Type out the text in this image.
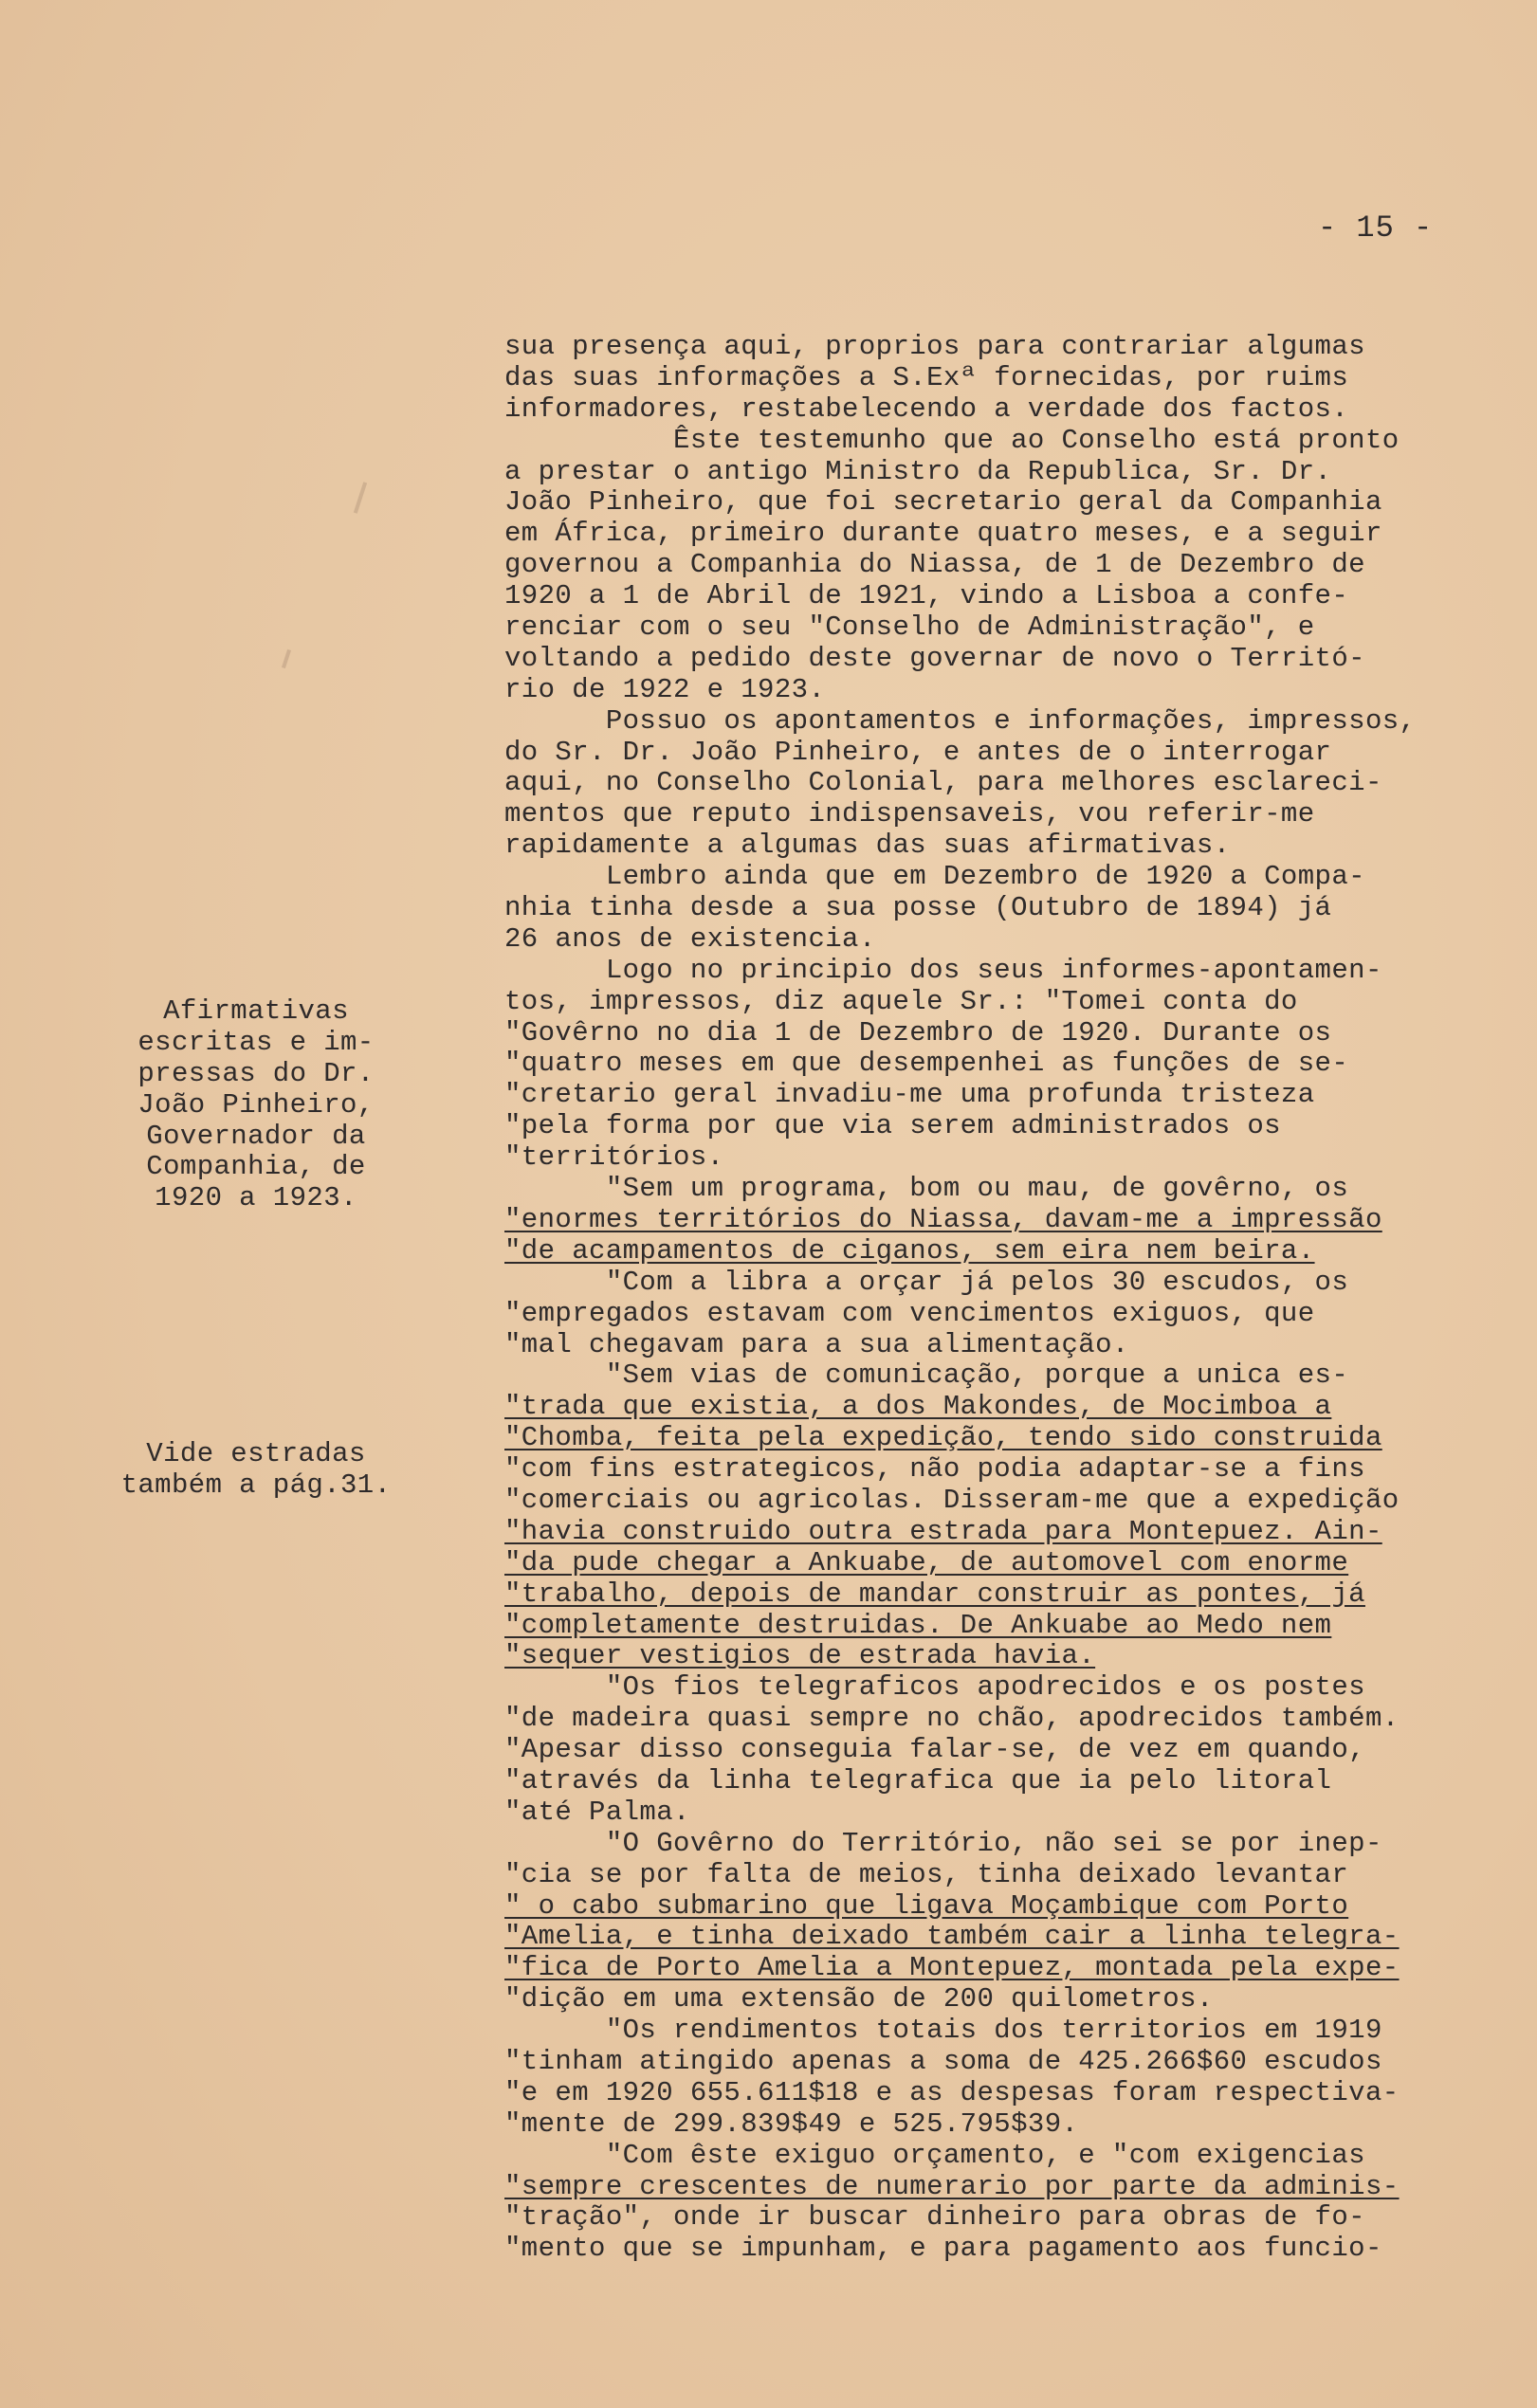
- 15 -
Afirmativas
escritas e im-
pressas do Dr.
João Pinheiro,
Governador da
Companhia, de
1920 a 1923.
Vide estradas
também a pág.31.
sua presença aqui, proprios para contrariar algumas
das suas informações a S.Exª fornecidas, por ruims
informadores, restabelecendo a verdade dos factos.
Êste testemunho que ao Conselho está pronto
a prestar o antigo Ministro da Republica, Sr. Dr.
João Pinheiro, que foi secretario geral da Companhia
em África, primeiro durante quatro meses, e a seguir
governou a Companhia do Niassa, de 1 de Dezembro de
1920 a 1 de Abril de 1921, vindo a Lisboa a confe-
renciar com o seu "Conselho de Administração", e
voltando a pedido deste governar de novo o Territó-
rio de 1922 e 1923.
Possuo os apontamentos e informações, impressos,
do Sr. Dr. João Pinheiro, e antes de o interrogar
aqui, no Conselho Colonial, para melhores esclareci-
mentos que reputo indispensaveis, vou referir-me
rapidamente a algumas das suas afirmativas.
Lembro ainda que em Dezembro de 1920 a Compa-
nhia tinha desde a sua posse (Outubro de 1894) já
26 anos de existencia.
Logo no principio dos seus informes-apontamen-
tos, impressos, diz aquele Sr.: "Tomei conta do
"Govêrno no dia 1 de Dezembro de 1920. Durante os
"quatro meses em que desempenhei as funções de se-
"cretario geral invadiu-me uma profunda tristeza
"pela forma por que via serem administrados os
"territórios.
"Sem um programa, bom ou mau, de govêrno, os
"enormes territórios do Niassa, davam-me a impressão
"de acampamentos de ciganos, sem eira nem beira.
"Com a libra a orçar já pelos 30 escudos, os
"empregados estavam com vencimentos exiguos, que
"mal chegavam para a sua alimentação.
"Sem vias de comunicação, porque a unica es-
"trada que existia, a dos Makondes, de Mocimboa a
"Chomba, feita pela expedição, tendo sido construida
"com fins estrategicos, não podia adaptar-se a fins
"comerciais ou agricolas. Disseram-me que a expedição
"havia construido outra estrada para Montepuez. Ain-
"da pude chegar a Ankuabe, de automovel com enorme
"trabalho, depois de mandar construir as pontes, já
"completamente destruidas. De Ankuabe ao Medo nem
"sequer vestigios de estrada havia.
"Os fios telegraficos apodrecidos e os postes
"de madeira quasi sempre no chão, apodrecidos também.
"Apesar disso conseguia falar-se, de vez em quando,
"através da linha telegrafica que ia pelo litoral
"até Palma.
"O Govêrno do Território, não sei se por inep-
"cia se por falta de meios, tinha deixado levantar
" o cabo submarino que ligava Moçambique com Porto
"Amelia, e tinha deixado também cair a linha telegra-
"fica de Porto Amelia a Montepuez, montada pela expe-
"dição em uma extensão de 200 quilometros.
"Os rendimentos totais dos territorios em 1919
"tinham atingido apenas a soma de 425.266$60 escudos
"e em 1920 655.611$18 e as despesas foram respectiva-
"mente de 299.839$49 e 525.795$39.
"Com êste exiguo orçamento, e "com exigencias
"sempre crescentes de numerario por parte da adminis-
"tração", onde ir buscar dinheiro para obras de fo-
"mento que se impunham, e para pagamento aos funcio-
